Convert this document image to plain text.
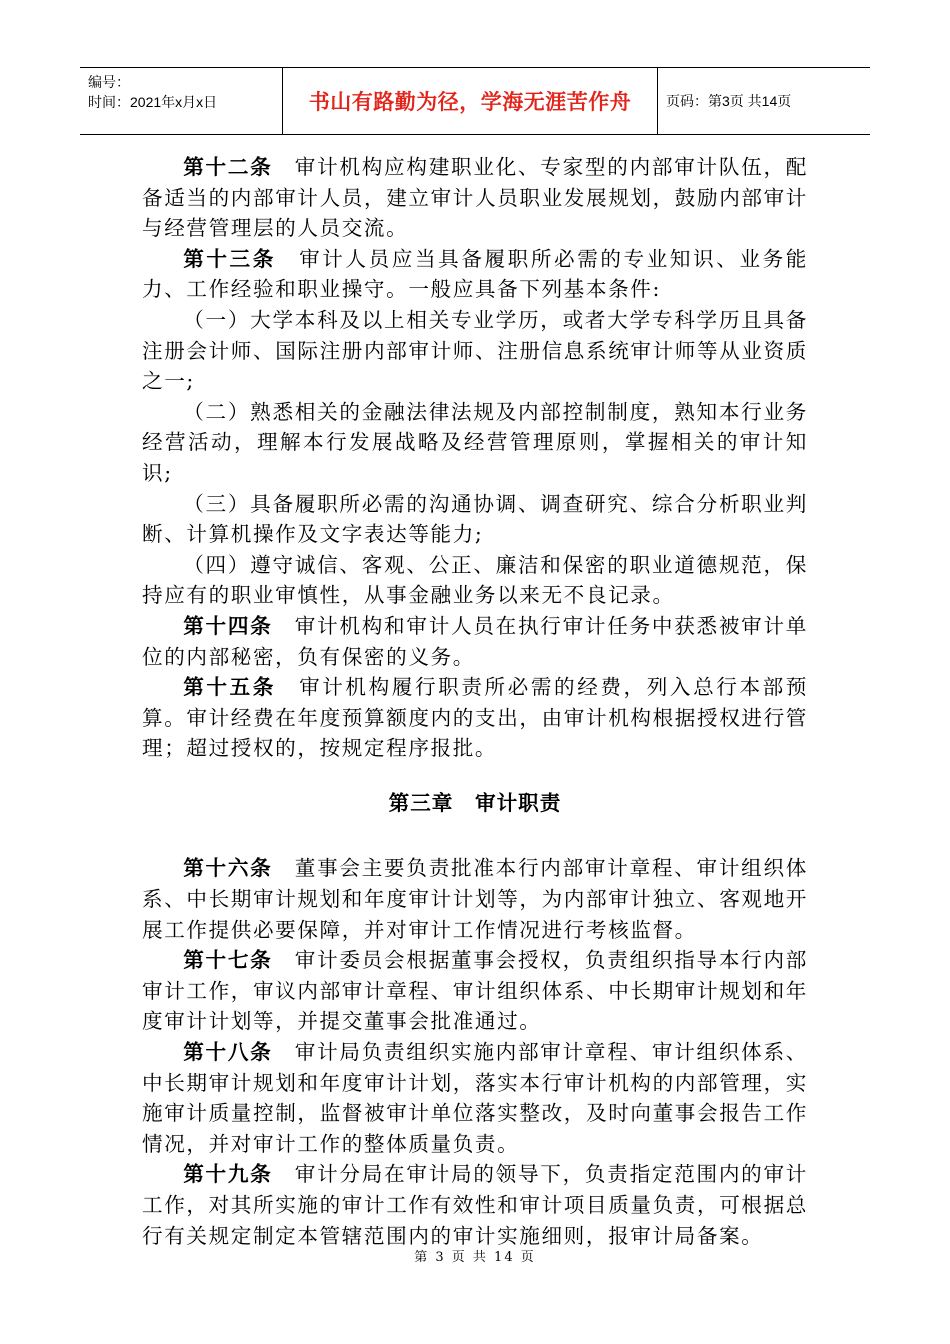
编号：
时间：2021年x月x日	书山有路勤为径，学海无涯苦作舟 页码：第3页 共14页

第十二条　审计机构应构建职业化、专家型的内部审计队伍，配备适当的内部审计人员，建立审计人员职业发展规划，鼓励内部审计与经营管理层的人员交流。

第十三条　审计人员应当具备履职所必需的专业知识、业务能力、工作经验和职业操守。一般应具备下列基本条件:

（一）大学本科及以上相关专业学历，或者大学专科学历且具备注册会计师、国际注册内部审计师、注册信息系统审计师等从业资质之一;

（二）熟悉相关的金融法律法规及内部控制制度，熟知本行业务经营活动，理解本行发展战略及经营管理原则，掌握相关的审计知识;

（三）具备履职所必需的沟通协调、调查研究、综合分析职业判断、计算机操作及文字表达等能力;

（四）遵守诚信、客观、公正、廉洁和保密的职业道德规范，保持应有的职业审慎性，从事金融业务以来无不良记录。

第十四条　审计机构和审计人员在执行审计任务中获悉被审计单位的内部秘密，负有保密的义务。

第十五条　审计机构履行职责所必需的经费，列入总行本部预算。审计经费在年度预算额度内的支出，由审计机构根据授权进行管理；超过授权的，按规定程序报批。

第三章　审计职责

第十六条　董事会主要负责批准本行内部审计章程、审计组织体系、中长期审计规划和年度审计计划等，为内部审计独立、客观地开展工作提供必要保障，并对审计工作情况进行考核监督。

第十七条　审计委员会根据董事会授权，负责组织指导本行内部审计工作，审议内部审计章程、审计组织体系、中长期审计规划和年度审计计划等，并提交董事会批准通过。

第十八条　审计局负责组织实施内部审计章程、审计组织体系、中长期审计规划和年度审计计划，落实本行审计机构的内部管理，实施审计质量控制，监督被审计单位落实整改，及时向董事会报告工作情况，并对审计工作的整体质量负责。

第十九条　审计分局在审计局的领导下，负责指定范围内的审计工作，对其所实施的审计工作有效性和审计项目质量负责，可根据总行有关规定制定本管辖范围内的审计实施细则，报审计局备案。

第 3 页 共 14 页
